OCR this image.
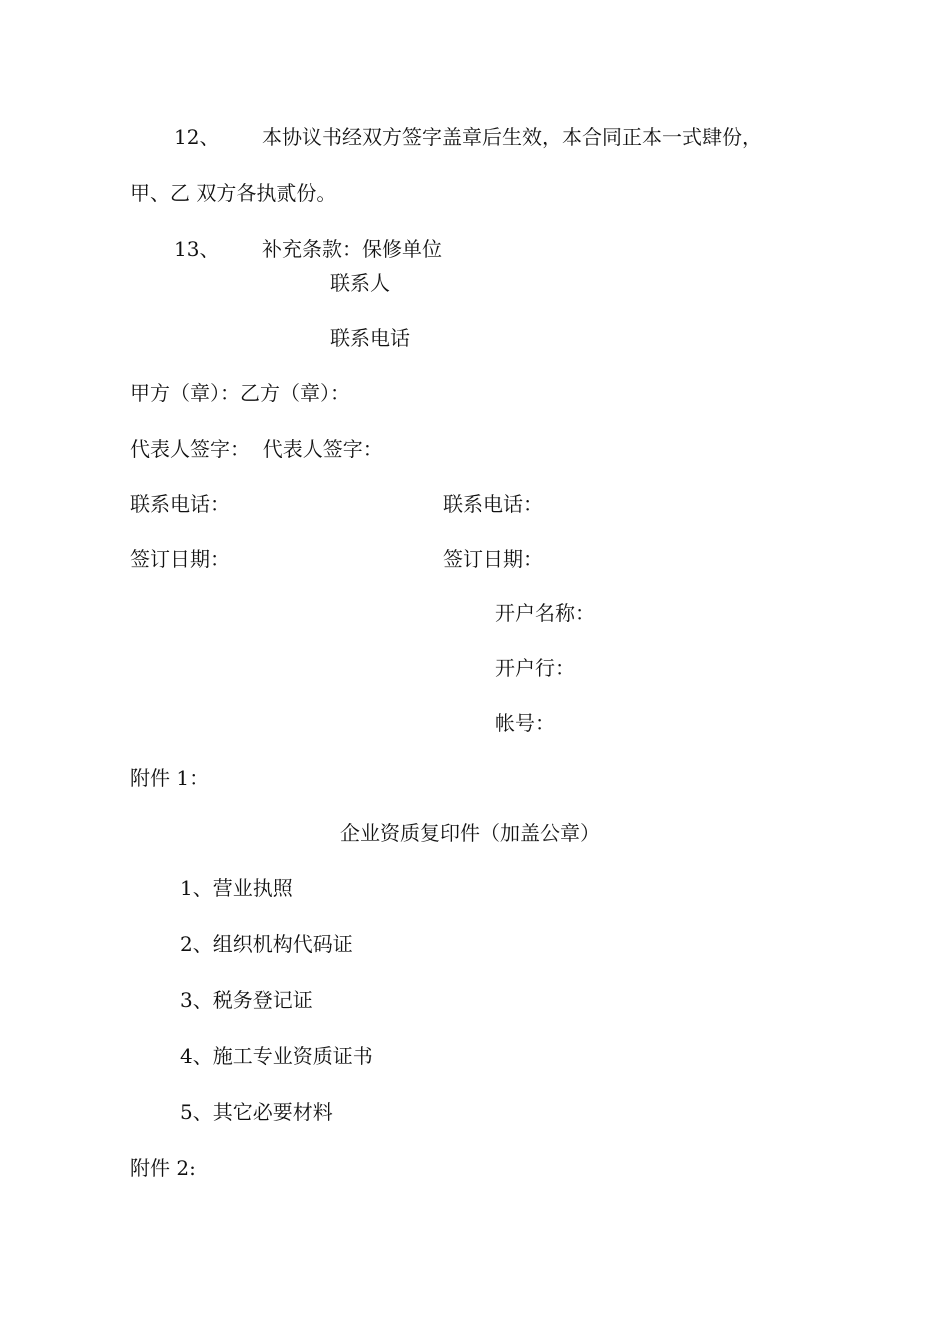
12、 本协议书经双方签字盖章后生效，本合同正本一式肆份，
甲、乙 双方各执贰份。
13、 补充条款：保修单位
联系人
联系电话
甲方（章）：乙方（章）：
代表人签字：  代表人签字：
联系电话：	联系电话：
签订日期：	签订日期：
开户名称：
开户行：
帐号：
附件 1：
企业资质复印件（加盖公章）
1、营业执照
2、组织机构代码证
3、税务登记证
4、施工专业资质证书
5、其它必要材料
附件 2:
